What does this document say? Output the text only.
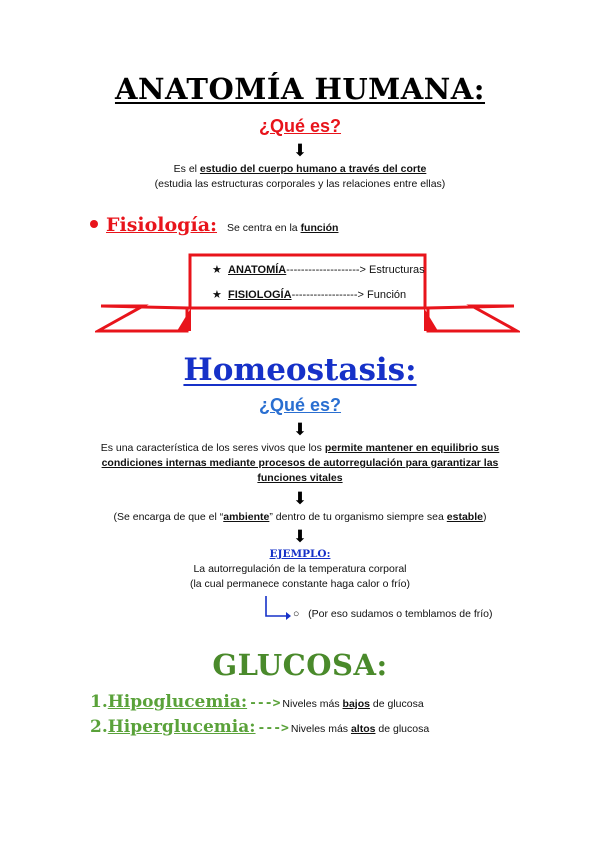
ANATOMÍA HUMANA:
¿Qué es?
⬇
Es el estudio del cuerpo humano a través del corte
(estudia las estructuras corporales y las relaciones entre ellas)
Fisiología: Se centra en la función
★ ANATOMÍA--------------------> Estructuras
★ FISIOLOGÍA------------------> Función
Homeostasis:
¿Qué es?
⬇
Es una característica de los seres vivos que los permite mantener en equilibrio sus
condiciones internas mediante procesos de autorregulación para garantizar las
funciones vitales
⬇
(Se encarga de que el “ambiente” dentro de tu organismo siempre sea estable)
⬇
EJEMPLO:
La autorregulación de la temperatura corporal
(la cual permanece constante haga calor o frío)
○ (Por eso sudamos o temblamos de frío)
GLUCOSA:
1.Hipoglucemia: ---> Niveles más bajos de glucosa
2.Hiperglucemia: ---> Niveles más altos de glucosa
